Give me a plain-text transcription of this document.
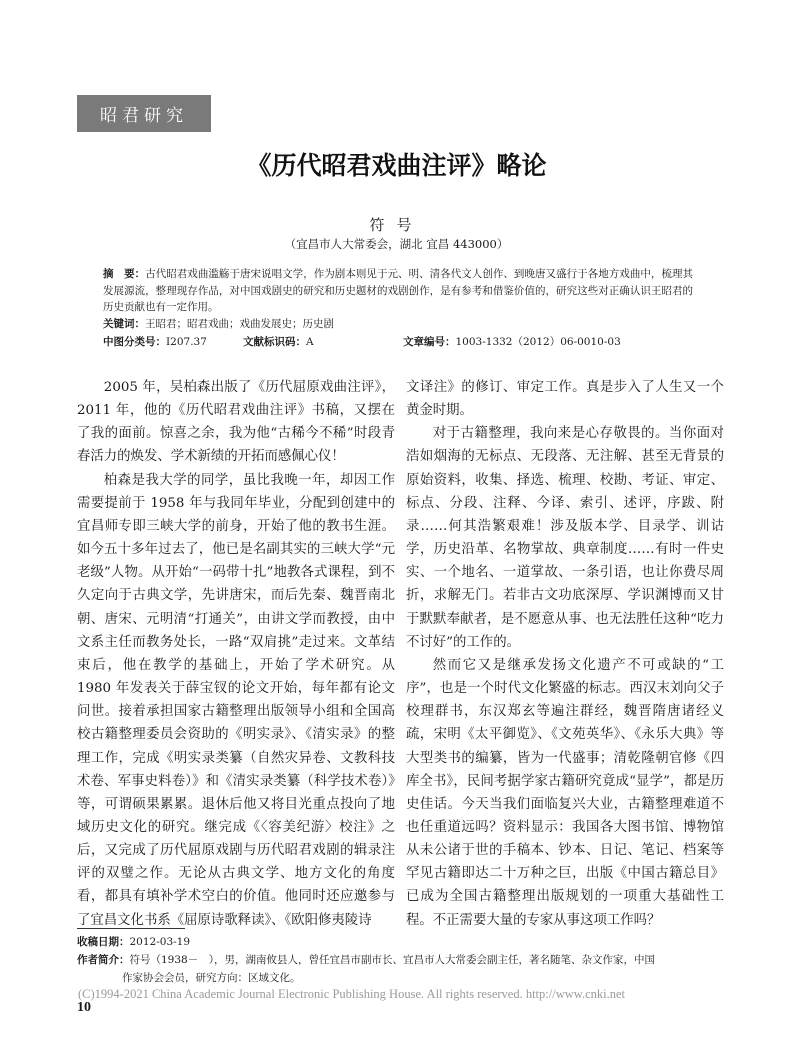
昭君研究
《历代昭君戏曲注评》略论
符号
（宜昌市人大常委会，湖北 宜昌 443000）

摘　要：古代昭君戏曲滥觞于唐宋说唱文学，作为剧本则见于元、明、清各代文人创作、到晚唐又盛行于各地方戏曲中，梳理其发展源流，整理现存作品，对中国戏剧史的研究和历史题材的戏剧创作，是有参考和借鉴价值的，研究这些对正确认识王昭君的历史贡献也有一定作用。

关键词：王昭君；昭君戏曲；戏曲发展史；历史剧

中图分类号：I207.37	文献标识码：A	文章编号：1003-1332（2012）06-0010-03

2005 年，吴柏森出版了《历代屈原戏曲注评》，2011 年，他的《历代昭君戏曲注评》书稿，又摆在了我的面前。惊喜之余，我为他“古稀今不稀”时段青春活力的焕发、学术新绩的开拓而感佩心仪！

柏森是我大学的同学，虽比我晚一年，却因工作需要提前于 1958 年与我同年毕业，分配到创建中的宜昌师专即三峡大学的前身，开始了他的教书生涯。如今五十多年过去了，他已是名副其实的三峡大学“元老级”人物。从开始“一码带十扎”地教各式课程，到不久定向于古典文学，先讲唐宋，而后先秦、魏晋南北朝、唐宋、元明清“打通关”，由讲文学而教授，由中文系主任而教务处长，一路“双肩挑”走过来。文革结束后，他在教学的基础上，开始了学术研究。从 1980 年发表关于薛宝钗的论文开始，每年都有论文问世。接着承担国家古籍整理出版领导小组和全国高校古籍整理委员会资助的《明实录》、《清实录》的整理工作，完成《明实录类纂（自然灾异卷、文教科技术卷、军事史料卷）》和《清实录类纂（科学技术卷）》等，可谓硕果累累。退休后他又将目光重点投向了地域历史文化的研究。继完成《〈容美纪游〉校注》之后，又完成了历代屈原戏剧与历代昭君戏剧的辑录注评的双璧之作。无论从古典文学、地方文化的角度看，都具有填补学术空白的价值。他同时还应邀参与了宜昌文化书系《屈原诗歌释读》、《欧阳修夷陵诗

文译注》的修订、审定工作。真是步入了人生又一个黄金时期。

对于古籍整理，我向来是心存敬畏的。当你面对浩如烟海的无标点、无段落、无注解、甚至无背景的原始资料，收集、择选、梳理、校勘、考证、审定、标点、分段、注释、今译、索引、述评，序跋、附录……何其浩繁艰难！涉及版本学、目录学、训诂学，历史沿革、名物掌故、典章制度……有时一件史实、一个地名、一道掌故、一条引语，也让你费尽周折，求解无门。若非古文功底深厚、学识渊博而又甘于默默奉献者，是不愿意从事、也无法胜任这种“吃力不讨好”的工作的。

然而它又是继承发扬文化遗产不可或缺的“工序”，也是一个时代文化繁盛的标志。西汉末刘向父子校理群书，东汉郑玄等遍注群经，魏晋隋唐诸经义疏，宋明《太平御览》、《文苑英华》、《永乐大典》等大型类书的编纂，皆为一代盛事；清乾隆朝官修《四库全书》，民间考据学家古籍研究竟成“显学”，都是历史佳话。今天当我们面临复兴大业，古籍整理难道不也任重道远吗？资料显示：我国各大图书馆、博物馆从未公诸于世的手稿本、钞本、日记、笔记、档案等罕见古籍即达二十万种之巨，出版《中国古籍总目》已成为全国古籍整理出版规划的一项重大基础性工程。不正需要大量的专家从事这项工作吗？

收稿日期：2012-03-19
作者简介：符号（1938－　），男，湖南攸县人，曾任宜昌市副市长、宜昌市人大常委会副主任，著名随笔、杂文作家，中国
作家协会会员，研究方向：区域文化。
(C)1994-2021 China Academic Journal Electronic Publishing House. All rights reserved. http://www.cnki.net
10
